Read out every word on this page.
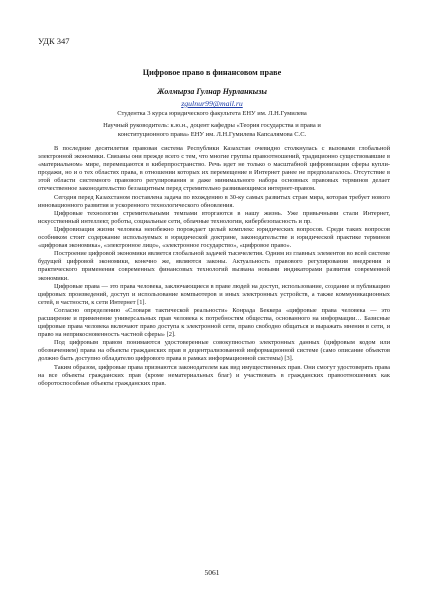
УДК 347
Цифровое право в финансовом праве
Жолмырза Гулнар Нурланкызы
zgulnur99@mail.ru
Студентка 3 курса юридического факультета ЕНУ им. Л.Н.Гумилева
Научный руководитель: к.ю.н., доцент кафедры «Теория государства и права и конституционного права» ЕНУ им. Л.Н.Гумилева Капсалямова С.С.

В последние десятилетия правовая система Республики Казахстан очевидно столкнулась с вызовами глобальной электронной экономики. Связаны они прежде всего с тем, что многие группы правоотношений, традиционно существовавшие в «материальном» мире, перемещаются в киберпространство. Речь идет не только о масштабной цифровизации сферы купли-продажи, но и о тех областях права, в отношении которых их перемещение в Интернет ранее не предполагалось. Отсутствие в этой области системного правового регулирования и даже минимального набора основных правовых терминов делает отечественное законодательство беззащитным перед стремительно развивающимся интернет-правом.

Сегодня перед Казахстаном поставлена задача по вхождению в 30-ку самых развитых стран мира, которая требует нового инновационного развития и ускоренного технологического обновления.

Цифровые технологии стремительными темпами вторгаются в нашу жизнь. Уже привычными стали Интернет, искусственный интеллект, роботы, социальные сети, облачные технологии, кибербезопасность и пр.

Цифровизация жизни человека неизбежно порождает целый комплекс юридических вопросов. Среди таких вопросов особняком стоит содержание используемых в юридической доктрине, законодательстве и юридической практике терминов «цифровая экономика», «электронное лицо», «электронное государство», «цифровое право».

Построение цифровой экономики является глобальной задачей тысячелетия. Одним из главных элементов во всей системе будущей цифровой экономики, конечно же, являются законы. Актуальность правового регулирования внедрения и практического применения современных финансовых технологий вызвана новыми индикаторами развития современной экономики.

Цифровые права — это права человека, заключающиеся в праве людей на доступ, использование, создание и публикацию цифровых произведений, доступ и использование компьютеров и иных электронных устройств, а также коммуникационных сетей, в частности, к сети Интернет [1].

Согласно определению «Словаря тактической реальности» Конрада Беккера «цифровые права человека — это расширение и применение универсальных прав человека к потребностям общества, основанного на информации… Базисные цифровые права человека включают право доступа к электронной сети, право свободно общаться и выражать мнения в сети, и право на неприкосновенность частной сферы» [2].

Под цифровым правом понимаются удостоверенные совокупностью электронных данных (цифровым кодом или обозначением) права на объекты гражданских прав в децентрализованной информационной системе (само описание объектов должно быть доступно обладателю цифрового права в рамках информационной системы) [3].

Таким образом, цифровые права признаются законодателем как вид имущественных прав. Они смогут удостоверять права на все объекты гражданских прав (кроме нематериальных благ) и участвовать в гражданских правоотношениях как оборотоспособные объекты гражданских прав.

5061
